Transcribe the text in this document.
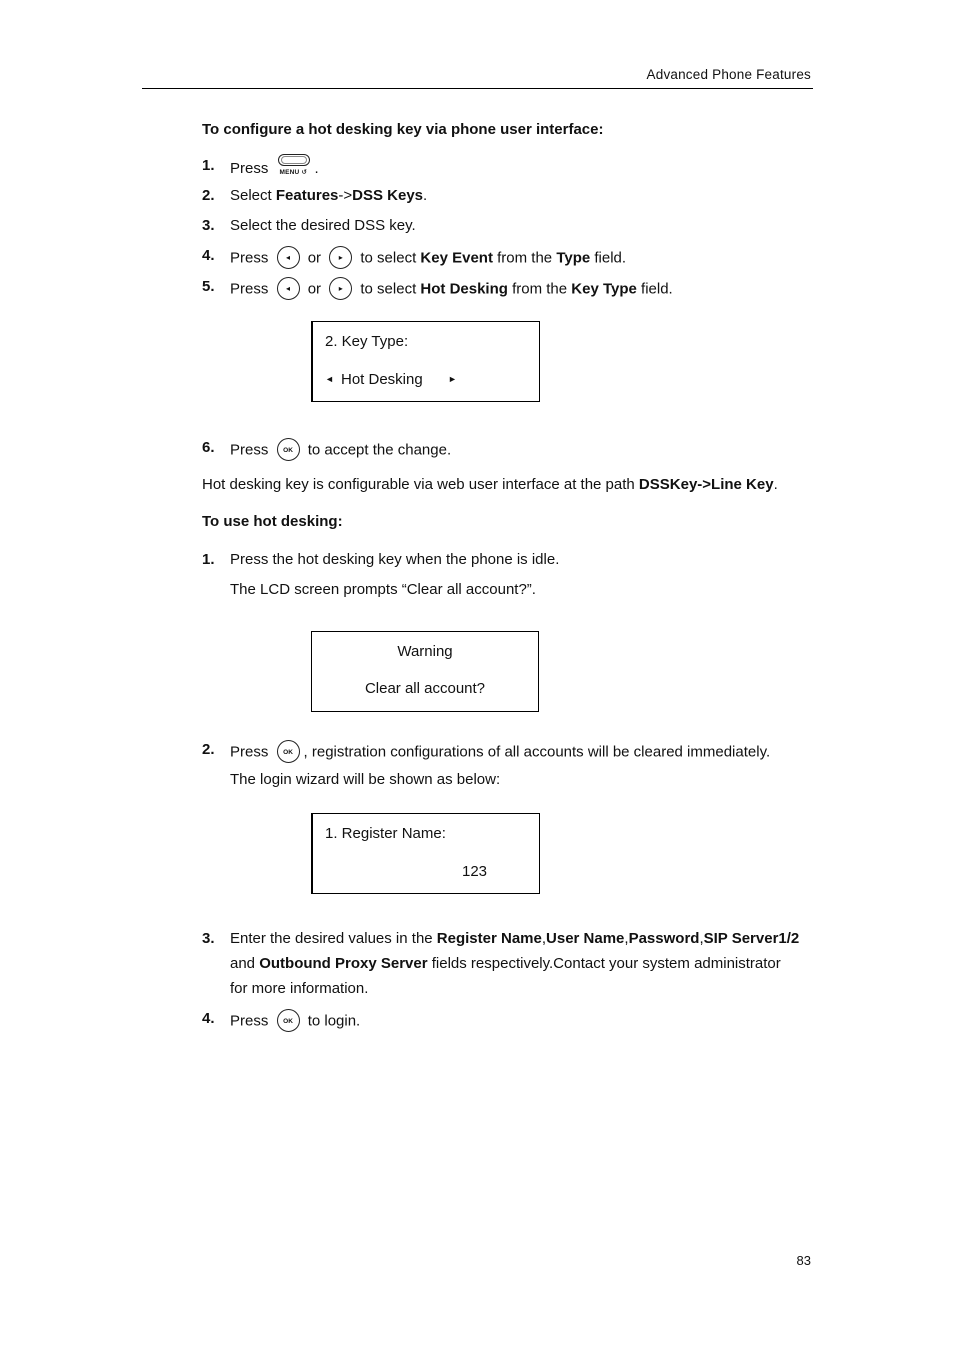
Advanced Phone Features
To configure a hot desking key via phone user interface:
1. Press MENU ↺ .
2. Select Features->DSS Keys.
3. Select the desired DSS key.
4. Press	◂	or	▸	to select Key Event from the Type field.
5. Press	◂	or	▸	to select Hot Desking from the Key Type field.
2. Key Type:
◄ Hot Desking	►
6. Press	OK to accept the change.
Hot desking key is configurable via web user interface at the path DSSKey->Line Key.
To use hot desking:
1. Press the hot desking key when the phone is idle.
The LCD screen prompts “Clear all account?”.
Warning
Clear all account?
2. Press	OK , registration configurations of all accounts will be cleared immediately.
The login wizard will be shown as below:
1. Register Name:
123
3. Enter the desired values in the Register Name,User Name,Password,SIP Server1/2
and Outbound Proxy Server fields respectively.Contact your system administrator
for more information.
4. Press	OK to login.
83
